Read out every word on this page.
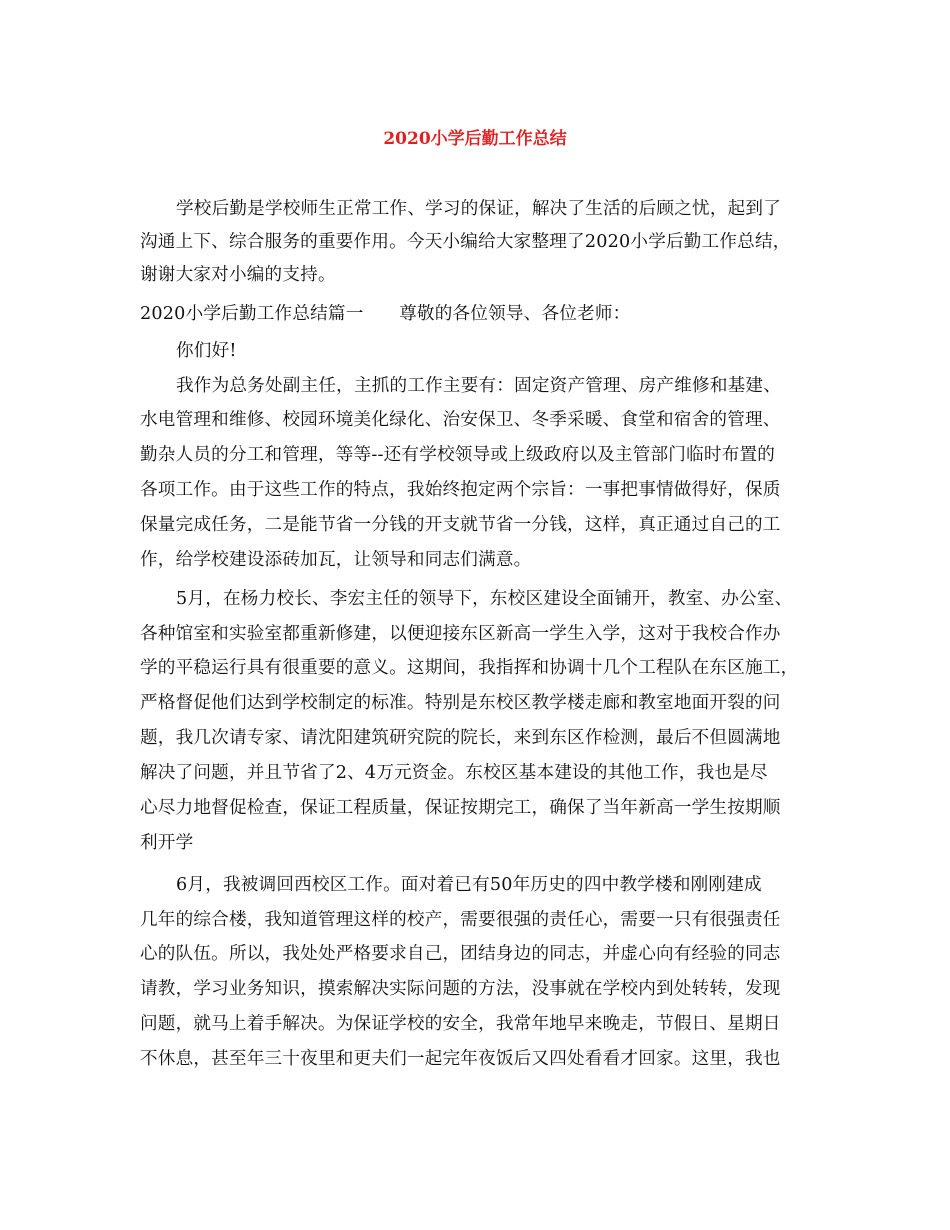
2020小学后勤工作总结
学校后勤是学校师生正常工作、学习的保证，解决了生活的后顾之忧，起到了
沟通上下、综合服务的重要作用。今天小编给大家整理了2020小学后勤工作总结，
谢谢大家对小编的支持。
2020小学后勤工作总结篇一　　尊敬的各位领导、各位老师：
你们好!
我作为总务处副主任，主抓的工作主要有：固定资产管理、房产维修和基建、
水电管理和维修、校园环境美化绿化、治安保卫、冬季采暖、食堂和宿舍的管理、
勤杂人员的分工和管理，等等--还有学校领导或上级政府以及主管部门临时布置的
各项工作。由于这些工作的特点，我始终抱定两个宗旨：一事把事情做得好，保质
保量完成任务，二是能节省一分钱的开支就节省一分钱，这样，真正通过自己的工
作，给学校建设添砖加瓦，让领导和同志们满意。
5月，在杨力校长、李宏主任的领导下，东校区建设全面铺开，教室、办公室、
各种馆室和实验室都重新修建，以便迎接东区新高一学生入学，这对于我校合作办
学的平稳运行具有很重要的意义。这期间，我指挥和协调十几个工程队在东区施工，
严格督促他们达到学校制定的标准。特别是东校区教学楼走廊和教室地面开裂的问
题，我几次请专家、请沈阳建筑研究院的院长，来到东区作检测，最后不但圆满地
解决了问题，并且节省了2、4万元资金。东校区基本建设的其他工作，我也是尽
心尽力地督促检查，保证工程质量，保证按期完工，确保了当年新高一学生按期顺
利开学
6月，我被调回西校区工作。面对着已有50年历史的四中教学楼和刚刚建成
几年的综合楼，我知道管理这样的校产，需要很强的责任心，需要一只有很强责任
心的队伍。所以，我处处严格要求自己，团结身边的同志，并虚心向有经验的同志
请教，学习业务知识，摸索解决实际问题的方法，没事就在学校内到处转转，发现
问题，就马上着手解决。为保证学校的安全，我常年地早来晚走，节假日、星期日
不休息，甚至年三十夜里和更夫们一起完年夜饭后又四处看看才回家。这里，我也
